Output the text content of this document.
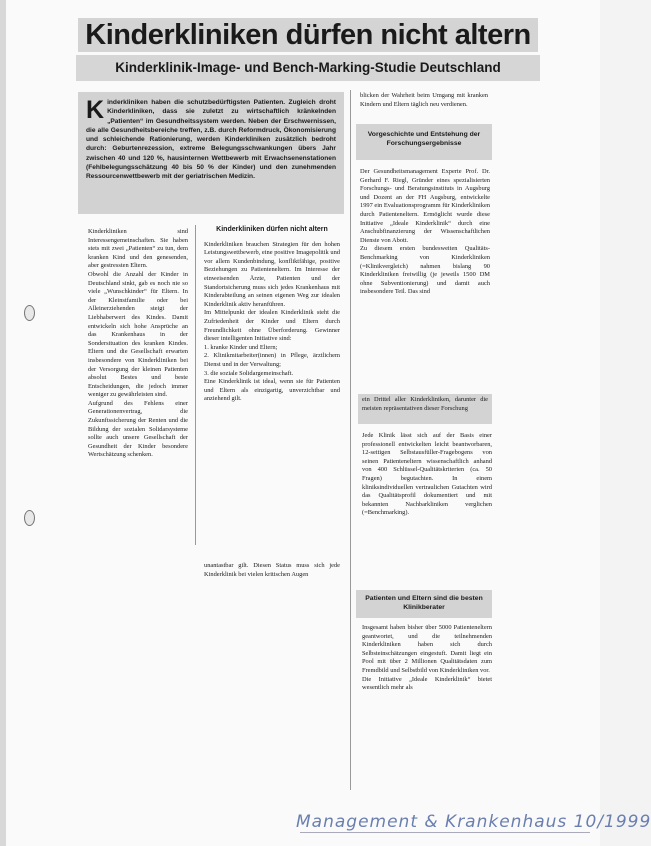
Kinderkliniken dürfen nicht altern
Kinderklinik-Image- und Bench-Marking-Studie Deutschland
Kinderkliniken haben die schutzbedürftigsten Patienten. Zugleich droht Kinderkliniken, dass sie zuletzt zu wirtschaftlich kränkelnden „Patienten“ im Gesundheitssystem werden. Neben der Erschwernissen, die alle Gesundheitsbereiche treffen, z.B. durch Reformdruck, Ökonomisierung und schleichende Rationierung, werden Kinderkliniken zusätzlich bedroht durch: Geburtenrezession, extreme Belegungsschwankungen übers Jahr zwischen 40 und 120 %, hausinternen Wettbewerb mit Erwachsenenstationen (Fehlbelegungsschätzung 40 bis 50 % der Kinder) und den zunehmenden Ressourcenwettbewerb mit der geriatrischen Medizin.
Kinderkliniken sind Interessengemeinschaften. Sie haben stets mit zwei „Patienten“ zu tun, dem kranken Kind und den genesenden, aber gestressten Eltern.
Obwohl die Anzahl der Kinder in Deutschland sinkt, gab es noch nie so viele „Wunschkinder“ für Eltern. In der Kleinstfamilie oder bei Alleinerziehenden steigt der Liebhaberwert des Kindes. Damit entwickeln sich hohe Ansprüche an das Krankenhaus in der Sondersituation des kranken Kindes. Eltern und die Gesellschaft erwarten insbesondere von Kinderkliniken bei der Versorgung der kleinen Patienten absolut Bestes und beste Entscheidungen, die jedoch immer weniger zu gewährleisten sind.
Aufgrund des Fehlens einer Generationenvertrag, die Zukunftssicherung der Renten und die Bildung der sozialen Solidarsysteme sollte auch unsere Gesellschaft der Gesundheit der Kinder besondere Wertschätzung schenken.
Kinderkliniken dürfen nicht altern
Kinderkliniken brauchen Strategien für den hohen Leistungswettbewerb, eine positive Imagepolitik und vor allem Kundenbindung, konfliktfähige, positive Beziehungen zu Patienteneltern. Im Interesse der einweisenden Ärzte, Patienten und der Standortsicherung muss sich jedes Krankenhaus mit Kinderabteilung an seinen eigenen Weg zur idealen Kinderklinik aktiv heranführen.
Im Mittelpunkt der idealen Kinderklinik steht die Zufriedenheit der Kinder und Eltern durch Freundlichkeit ohne Überforderung. Gewinner dieser intelligenten Initiative sind:
1. kranke Kinder und Eltern;
2. Klinikmitarbeiter(innen) in Pflege, ärztlichem Dienst und in der Verwaltung;
3. die soziale Solidargemeinschaft.
Eine Kinderklinik ist ideal, wenn sie für Patienten und Eltern als einzigartig, unverzichtbar und anziehend gilt.
unantastbar gilt. Diesen Status muss sich jede Kinderklinik bei vielen kritischen Augen
blicken der Wahrheit beim Umgang mit kranken Kindern und Eltern täglich neu verdienen.
Vorgeschichte und Entstehung der Forschungsergebnisse
Der Gesundheitsmanagement Experte Prof. Dr. Gerhard F. Riegl, Gründer eines spezialisierten Forschungs- und Beratungsinstituts in Augsburg und Dozent an der FH Augsburg, entwickelte 1997 ein Evaluationsprogramm für Kinderkliniken durch Patienteneltern. Ermöglicht wurde diese Initiative „Ideale Kinderklinik“ durch eine Anschubfinanzierung der Wissenschaftlichen Dienste von Abott.
Zu diesem ersten bundesweiten Qualitäts-Benchmarking von Kinderkliniken (=Klinikvergleich) nahmen bislang 90 Kinderkliniken freiwillig (je jeweils 1500 DM ohne Subventionierung) und damit auch insbesondere Teil. Das sind
ein Drittel aller Kinderkliniken, darunter die meisten repräsentativen dieser Forschung
Jede Klinik lässt sich auf der Basis einer professionell entwickelten leicht beantworbaren, 12-seitigen Selbstausfüller-Fragebogens von seinen Patienteneltern wissenschaftlich anhand von 400 Schlüssel-Qualitätskriterien (ca. 50 Fragen) begutachten. In einem kliniksindividuellen vertraulichen Gutachten wird das Qualitätsprofil dokumentiert und mit bekannten Nachbarkliniken verglichen (=Benchmarking).
Patienten und Eltern sind die besten Klinikberater
Insgesamt haben bisher über 5000 Patienteneltern geantwortet, und die teilnehmenden Kinderkliniken haben sich durch Selbsteinschätzungen eingestuft. Damit liegt ein Pool mit über 2 Millionen Qualitätsdaten zum Fremdbild und Selbstbild von Kinderkliniken vor.
Die Initiative „Ideale Kinderklinik“ bietet wesentlich mehr als
Management & Krankenhaus 10/1999
